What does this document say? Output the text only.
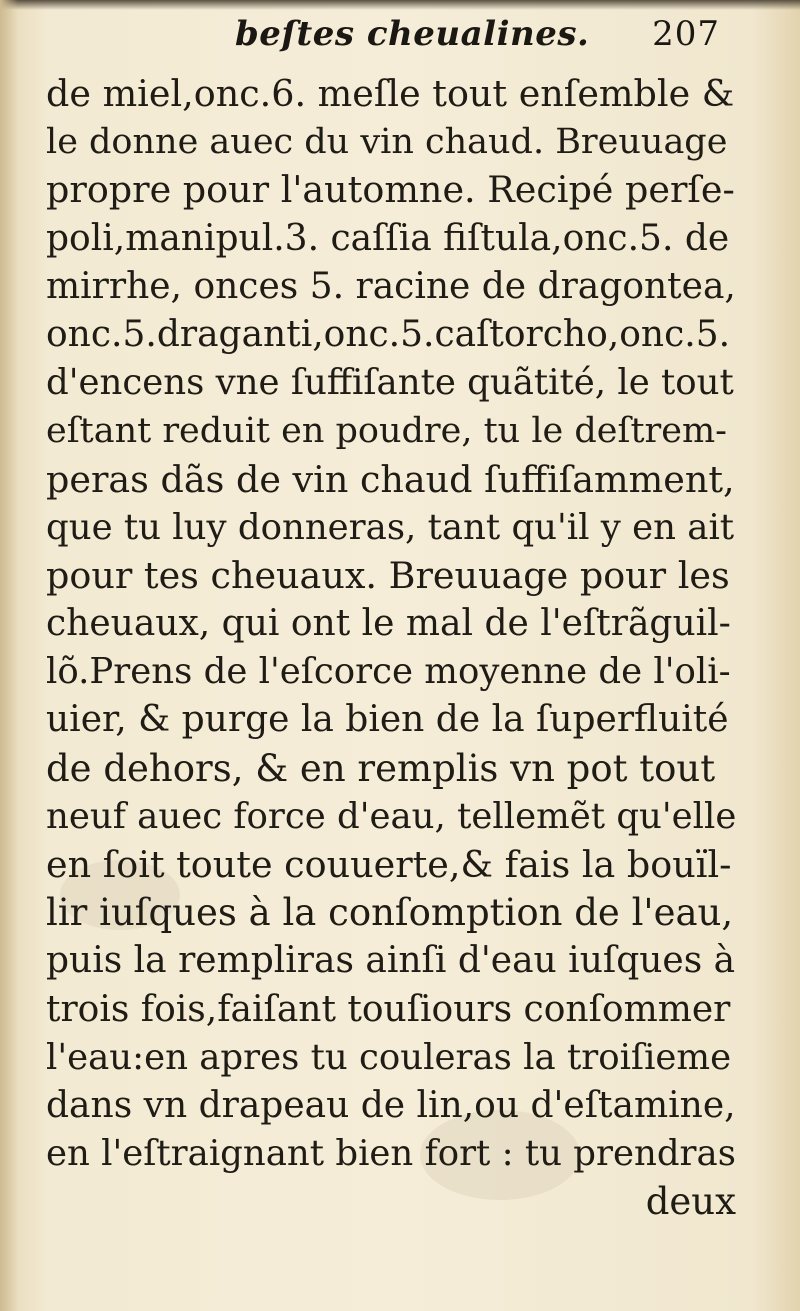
beſtes cheualines. 207
de miel,onc.6. meſle tout enſemble &
le donne auec du vin chaud. Breuuage
propre pour l'automne. Recipé perſe-
poli,manipul.3. caſſia fiſtula,onc.5. de
mirrhe, onces 5. racine de dragontea,
onc.5.draganti,onc.5.caſtorcho,onc.5.
d'encens vne ſuffiſante quãtité, le tout
eſtant reduit en poudre, tu le deſtrem-
peras dãs de vin chaud ſuffiſamment,
que tu luy donneras, tant qu'il y en ait
pour tes cheuaux. Breuuage pour les
cheuaux, qui ont le mal de l'eſtrãguil-
lõ.Prens de l'eſcorce moyenne de l'oli-
uier, & purge la bien de la ſuperfluité
de dehors, & en remplis vn pot tout
neuf auec force d'eau, tellemẽt qu'elle
en ſoit toute couuerte,& fais la bouïl-
lir iuſques à la conſomption de l'eau,
puis la rempliras ainſi d'eau iuſques à
trois fois,faiſant touſiours conſommer
l'eau:en apres tu couleras la troiſieme
dans vn drapeau de lin,ou d'eſtamine,
en l'eſtraignant bien fort : tu prendras
deux
